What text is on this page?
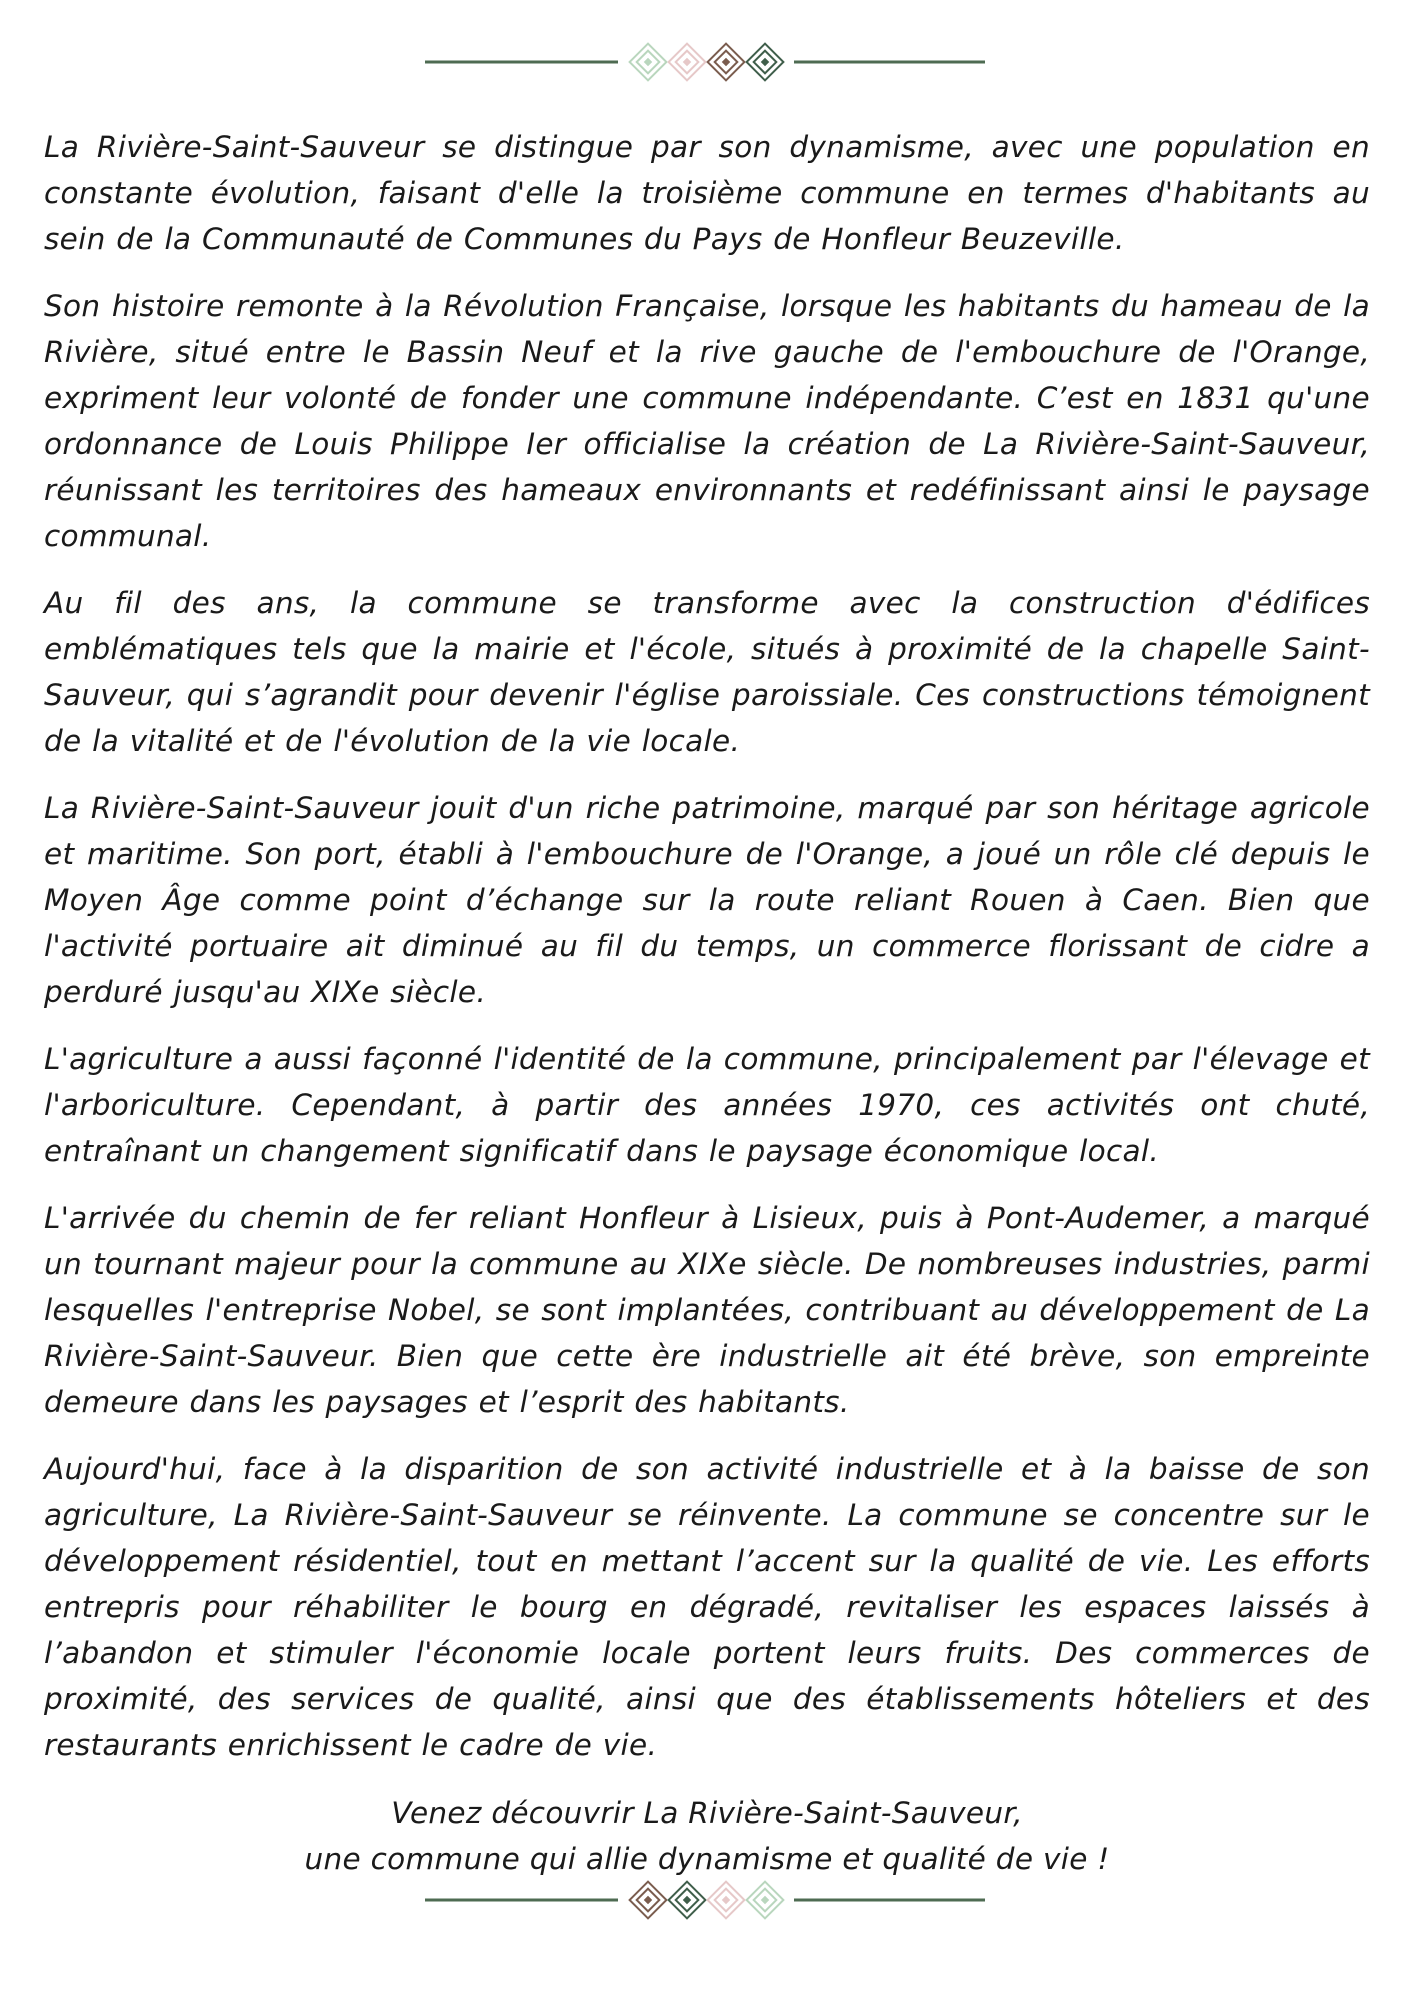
La Rivière-Saint-Sauveur se distingue par son dynamisme, avec une population en constante évolution, faisant d'elle la troisième commune en termes d'habitants au sein de la Communauté de Communes du Pays de Honfleur Beuzeville.

Son histoire remonte à la Révolution Française, lorsque les habitants du hameau de la Rivière, situé entre le Bassin Neuf et la rive gauche de l'embouchure de l'Orange, expriment leur volonté de fonder une commune indépendante. C’est en 1831 qu'une ordonnance de Louis Philippe Ier officialise la création de La Rivière-Saint-Sauveur, réunissant les territoires des hameaux environnants et redéfinissant ainsi le paysage communal.

Au fil des ans, la commune se transforme avec la construction d'édifices emblématiques tels que la mairie et l'école, situés à proximité de la chapelle Saint-Sauveur, qui s’agrandit pour devenir l'église paroissiale. Ces constructions témoignent de la vitalité et de l'évolution de la vie locale.

La Rivière-Saint-Sauveur jouit d'un riche patrimoine, marqué par son héritage agricole et maritime. Son port, établi à l'embouchure de l'Orange, a joué un rôle clé depuis le Moyen Âge comme point d’échange sur la route reliant Rouen à Caen. Bien que l'activité portuaire ait diminué au fil du temps, un commerce florissant de cidre a perduré jusqu'au XIXe siècle.

L'agriculture a aussi façonné l'identité de la commune, principalement par l'élevage et l'arboriculture. Cependant, à partir des années 1970, ces activités ont chuté, entraînant un changement significatif dans le paysage économique local.

L'arrivée du chemin de fer reliant Honfleur à Lisieux, puis à Pont-Audemer, a marqué un tournant majeur pour la commune au XIXe siècle. De nombreuses industries, parmi lesquelles l'entreprise Nobel, se sont implantées, contribuant au développement de La Rivière-Saint-Sauveur. Bien que cette ère industrielle ait été brève, son empreinte demeure dans les paysages et l’esprit des habitants.

Aujourd'hui, face à la disparition de son activité industrielle et à la baisse de son agriculture, La Rivière-Saint-Sauveur se réinvente. La commune se concentre sur le développement résidentiel, tout en mettant l’accent sur la qualité de vie. Les efforts entrepris pour réhabiliter le bourg en dégradé, revitaliser les espaces laissés à l’abandon et stimuler l'économie locale portent leurs fruits. Des commerces de proximité, des services de qualité, ainsi que des établissements hôteliers et des restaurants enrichissent le cadre de vie.

Venez découvrir La Rivière-Saint-Sauveur,
une commune qui allie dynamisme et qualité de vie !
